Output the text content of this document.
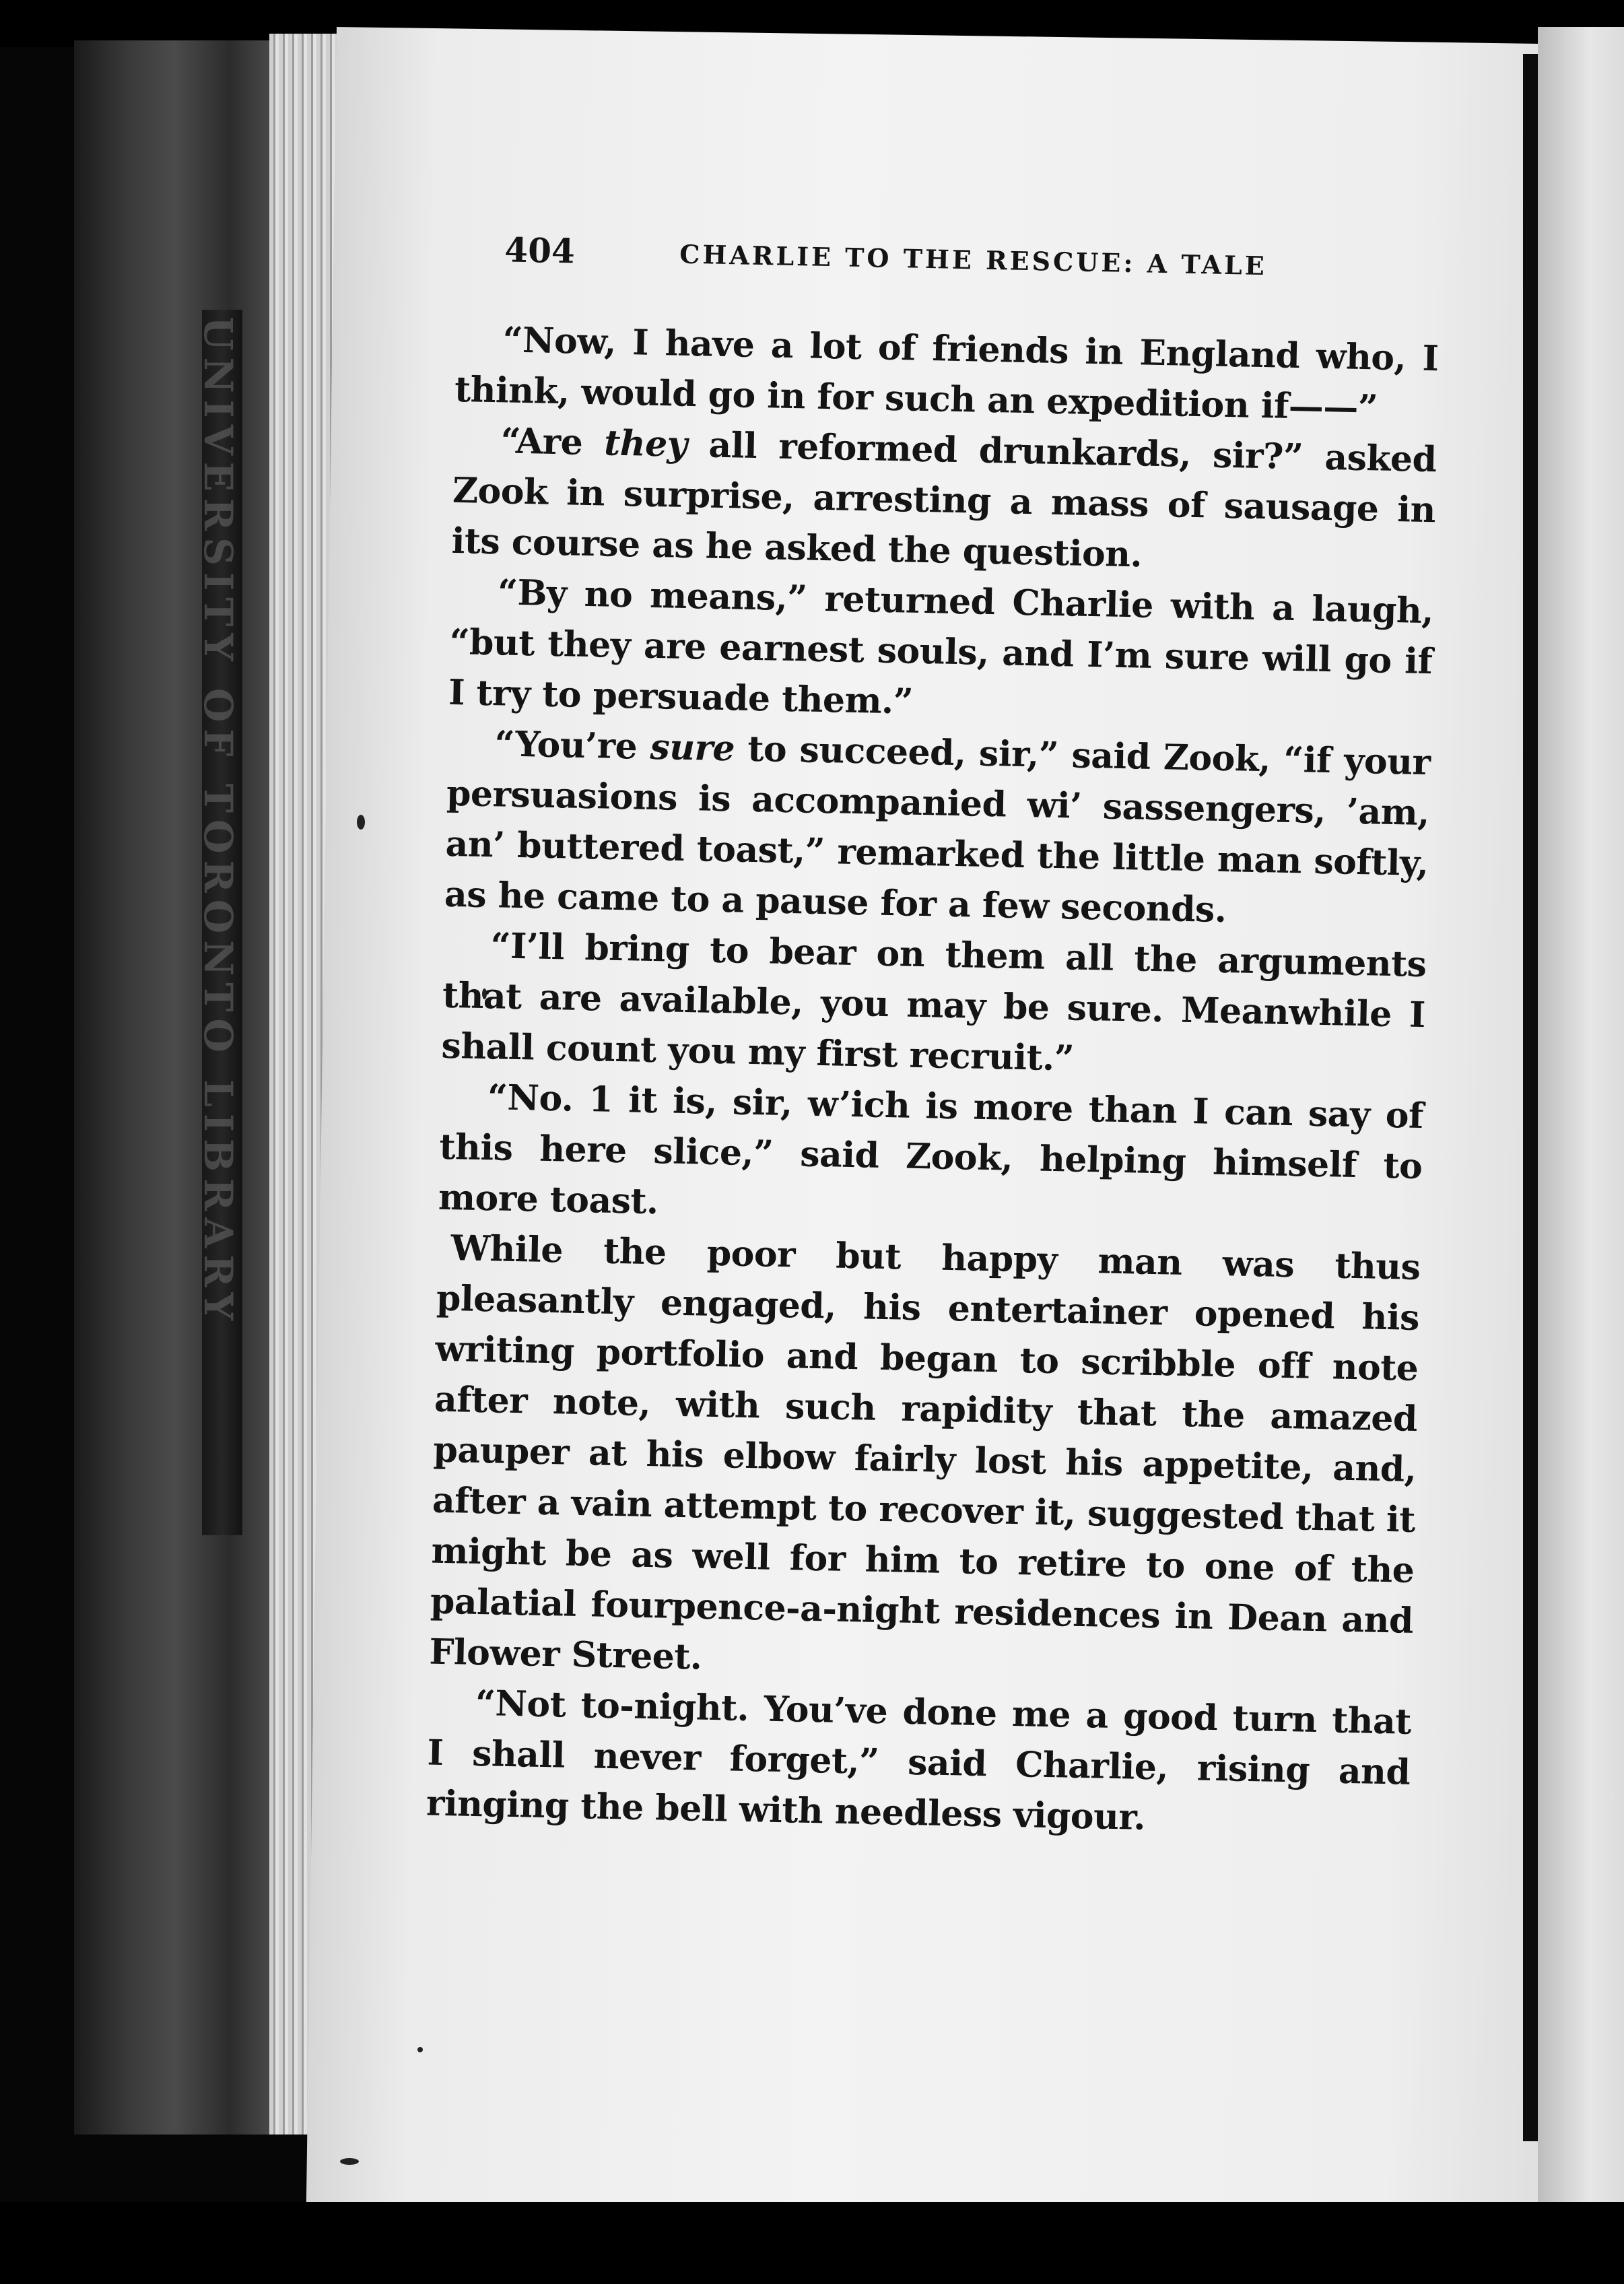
UNIVERSITY OF TORONTO LIBRARY
404	CHARLIE TO THE RESCUE: A TALE

“Now, I have a lot of friends in England who, I think, would go in for such an expedition if——”

“Are they all reformed drunkards, sir?” asked Zook in surprise, arresting a mass of sausage in its course as he asked the question.

“By no means,” returned Charlie with a laugh, “but they are earnest souls, and I’m sure will go if I try to persuade them.”

“You’re sure to succeed, sir,” said Zook, “if your persuasions is accompanied wi’ sassengers, ’am, an’ buttered toast,” remarked the little man softly, as he came to a pause for a few seconds.

“I’ll bring to bear on them all the arguments that are available, you may be sure. Meanwhile I shall count you my first recruit.”

“No. 1 it is, sir, w’ich is more than I can say of this here slice,” said Zook, helping himself to more toast.

While the poor but happy man was thus pleasantly engaged, his entertainer opened his writing portfolio and began to scribble off note after note, with such rapidity that the amazed pauper at his elbow fairly lost his appetite, and, after a vain attempt to recover it, suggested that it might be as well for him to retire to one of the palatial fourpence-a-night residences in Dean and Flower Street.

“Not to-night. You’ve done me a good turn that I shall never forget,” said Charlie, rising and ringing the bell with needless vigour.
